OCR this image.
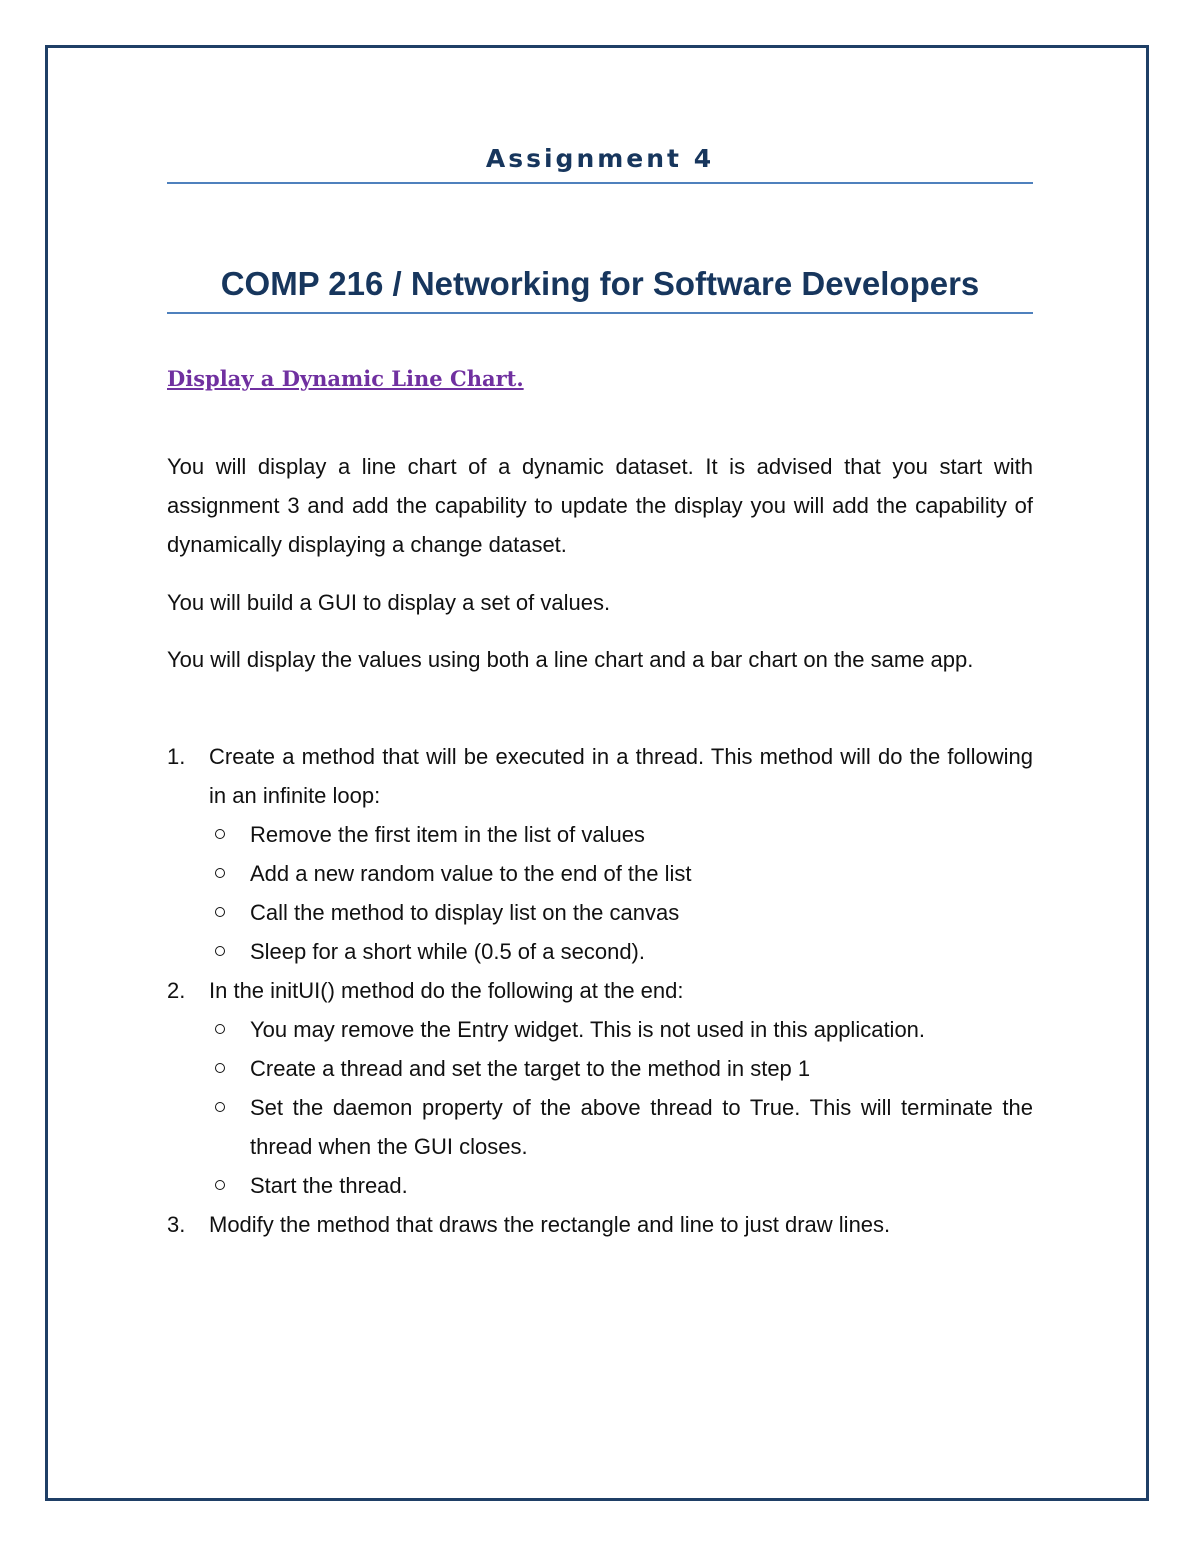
Assignment 4
COMP 216 / Networking for Software Developers
Display a Dynamic Line Chart.

You will display a line chart of a dynamic dataset. It is advised that you start with assignment 3 and add the capability to update the display you will add the capability of dynamically displaying a change dataset.

You will build a GUI to display a set of values.

You will display the values using both a line chart and a bar chart on the same app.

1. Create a method that will be executed in a thread. This method will do the following in an infinite loop:
Remove the first item in the list of values
Add a new random value to the end of the list
Call the method to display list on the canvas
Sleep for a short while (0.5 of a second).
2. In the initUI() method do the following at the end:
You may remove the Entry widget. This is not used in this application.
Create a thread and set the target to the method in step 1
Set the daemon property of the above thread to True. This will terminate the thread when the GUI closes.
Start the thread.
3. Modify the method that draws the rectangle and line to just draw lines.
